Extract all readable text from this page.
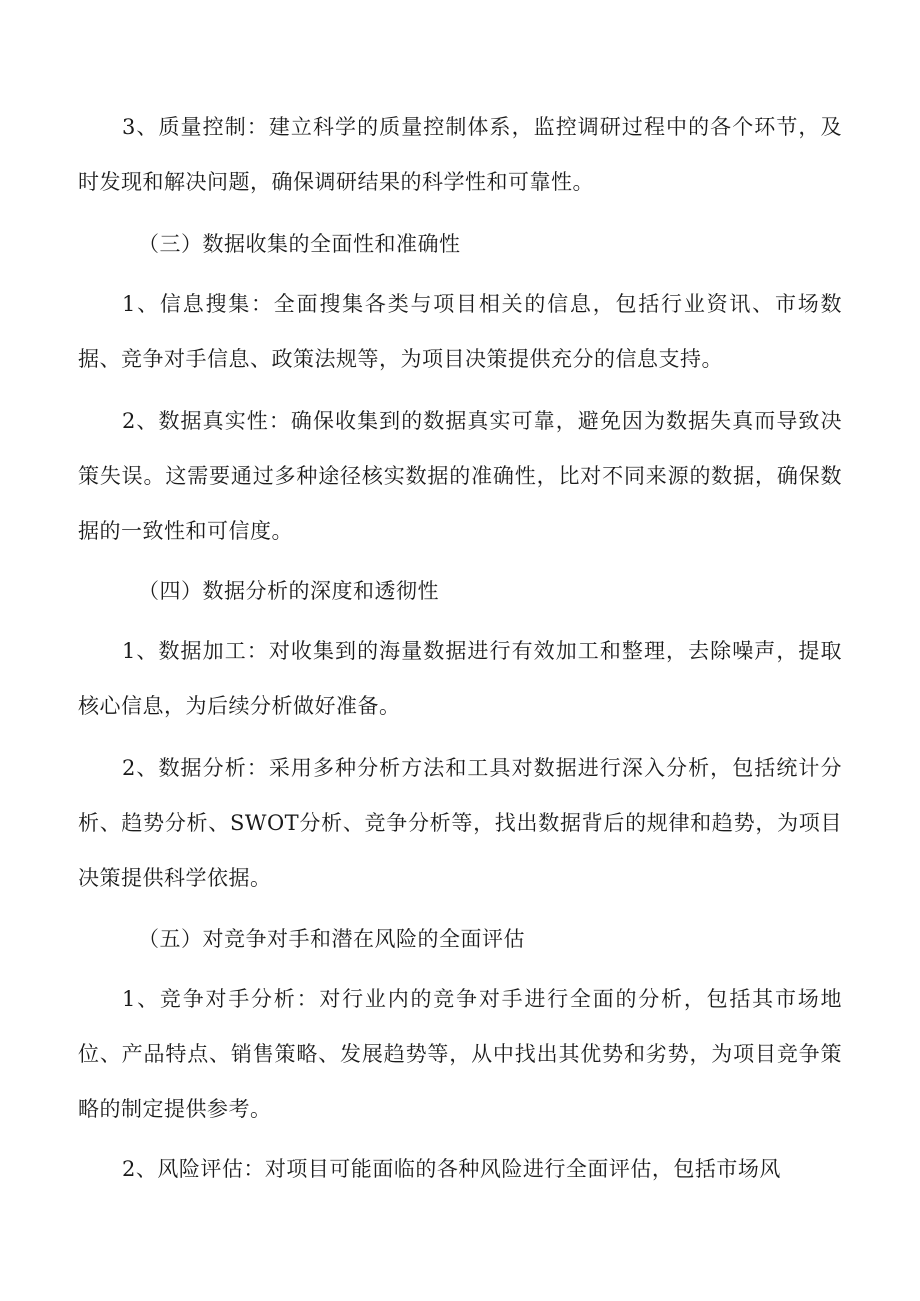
3、质量控制：建立科学的质量控制体系，监控调研过程中的各个环节，及时发现和解决问题，确保调研结果的科学性和可靠性。

（三）数据收集的全面性和准确性

1、信息搜集：全面搜集各类与项目相关的信息，包括行业资讯、市场数据、竞争对手信息、政策法规等，为项目决策提供充分的信息支持。

2、数据真实性：确保收集到的数据真实可靠，避免因为数据失真而导致决策失误。这需要通过多种途径核实数据的准确性，比对不同来源的数据，确保数据的一致性和可信度。

（四）数据分析的深度和透彻性

1、数据加工：对收集到的海量数据进行有效加工和整理，去除噪声，提取核心信息，为后续分析做好准备。

2、数据分析：采用多种分析方法和工具对数据进行深入分析，包括统计分析、趋势分析、SWOT分析、竞争分析等，找出数据背后的规律和趋势，为项目决策提供科学依据。

（五）对竞争对手和潜在风险的全面评估

1、竞争对手分析：对行业内的竞争对手进行全面的分析，包括其市场地位、产品特点、销售策略、发展趋势等，从中找出其优势和劣势，为项目竞争策略的制定提供参考。

2、风险评估：对项目可能面临的各种风险进行全面评估，包括市场风
